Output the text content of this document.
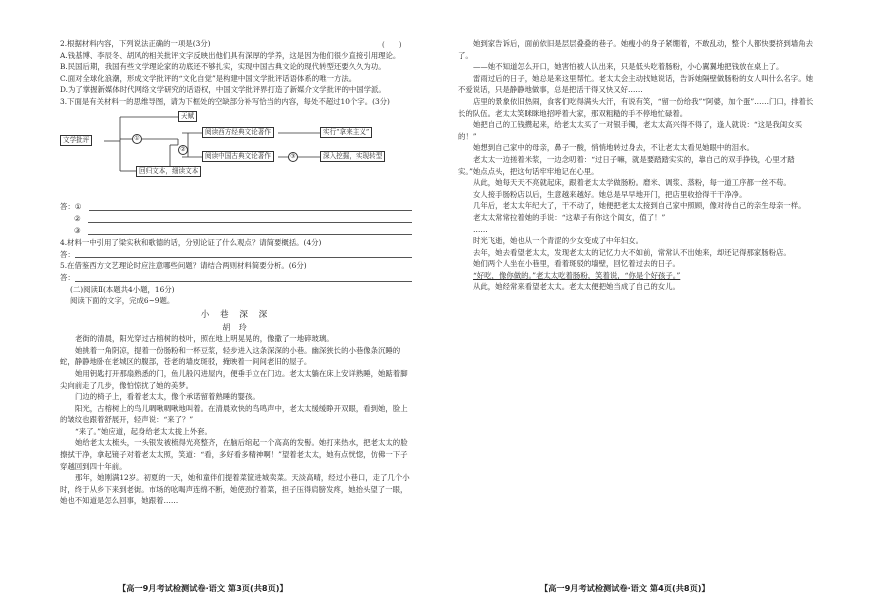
(　　)

2.根据材料内容，下列说法正确的一项是(3分)

A.钱基博、李辰冬、胡风的相关批评文字反映出他们具有深厚的学养，这是因为他们很少直接引用理论。

B.民国后期，我国有些文学理论家的功底还不够扎实，实现中国古典文论的现代转型还要久久为功。

C.面对全球化浪潮，形成文学批评的“文化自觉”是构建中国文学批评话语体系的唯一方法。

D.为了掌握新媒体时代网络文学研究的话语权，中国文学批评界打造了新媒介文学批评的中国学派。

3.下面是有关材料一的思维导图，请为下框处的空缺部分补写恰当的内容，每处不超过10个字。(3分)

文学批评
天赋
①
②
③
阅读西方经典文论著作
阅读中国古典文论著作
实行“拿来主义”
深入挖掘，实现转型
回归文本，细读文本
答： ①
②
③

4.材料一中引用了梁实秋和歌德的话，分别论证了什么观点？请简要概括。(4分)

答：

5.在借鉴西方文艺理论时应注意哪些问题？请结合两则材料简要分析。(6分)

答：

(二)阅读Ⅱ(本题共4小题，16分)

阅读下面的文字，完成6~9题。

小 巷 深 深

胡 玲

老街的清晨，阳光穿过古榕树的枝叶，照在地上明晃晃的，像撒了一地碎玻璃。

她挑着一角阴凉，提着一份肠粉和一杯豆浆，轻步进入这条深深的小巷。幽深狭长的小巷像条沉睡的蛇，静静地卧在老城区的腹部，苍老的墙皮斑驳，掩映着一间间老旧的屋子。

她用钥匙打开那扇熟悉的门，鱼儿般闪进屋内，便垂手立在门边。老太太躺在床上安详熟睡，她踮着脚尖向前走了几步，像怕惊扰了她的美梦。

门边的椅子上，看着老太太，像个承诺留着熟睡的婴孩。

阳光，古榕树上的鸟儿啁啾啁啾地叫着。在清晨欢快的鸟鸣声中，老太太缓缓睁开双眼，看到她，脸上的皱纹也跟着舒展开，轻声说：“来了？”

“来了。”她应道，起身给老太太拢上外套。

她给老太太梳头，一头银发被梳得光亮整齐，在脑后绾起一个高高的发髻。她打来热水，把老太太的脸擦拭干净，拿起镜子对着老太太照，笑道：“看，多好看多精神啊！”望着老太太，她有点恍惚，仿佛一下子穿越回到四十年前。

那年，她刚满12岁。初夏的一天，她和童伴们提着菜筐进城卖菜。天淡高晴，经过小巷口，走了几个小时，终于从乡下来到老街。市场的吆喝声连绵不断，她使劲拧着菜，担子压得肩膀发疼，她抬头望了一眼，她也不知道是怎么回事，她跟着……

她到家告诉后，面前依旧是层层叠叠的巷子。她瘦小的身子紧绷着，不敢乱动，整个人都快要挤到墙角去了。

——她不知道怎么开口，她害怕被人认出来，只是低头吃着肠粉，小心翼翼地把钱放在桌上了。

雷雨过后的日子，她总是来这里帮忙。老太太会主动找她说话，告诉她隔壁做肠粉的女人叫什么名字。她不爱说话，只是静静地做事，总是把活干得又快又好……

店里的景象依旧热闹，食客们吃得满头大汗，有说有笑，“留一份给我”“阿婆，加个蛋”……门口，排着长长的队伍。老太太笑眯眯地招呼着大家，那双粗糙的手不停地忙碌着。

她把自己的工钱攒起来，给老太太买了一对银手镯，老太太高兴得不得了，逢人就说：“这是我闺女买的！”

她想到自己家中的母亲，鼻子一酸，悄悄地转过身去，不让老太太看见她眼中的泪水。

老太太一边搓着米浆，一边念叨着：“过日子嘛，就是要踏踏实实的，靠自己的双手挣钱，心里才踏实。”她点点头，把这句话牢牢地记在心里。

从此，她每天天不亮就起床，跟着老太太学做肠粉。磨米、调浆、蒸粉，每一道工序都一丝不苟。

女人接手肠粉店以后，生意越来越好。她总是早早地开门，把店里收拾得干干净净。

几年后，老太太年纪大了，干不动了，她便把老太太接到自己家中照顾，像对待自己的亲生母亲一样。

老太太常常拉着她的手说：“这辈子有你这个闺女，值了！”

……

时光飞逝，她也从一个青涩的少女变成了中年妇女。

去年，她去看望老太太，发现老太太的记忆力大不如前，常常认不出她来，却还记得那家肠粉店。

她们两个人坐在小巷里，看着斑驳的墙壁，回忆着过去的日子。

“好吃，像你做的。”老太太吃着肠粉，笑着说，“你是个好孩子。”

从此，她经常来看望老太太。老太太便把她当成了自己的女儿。

【高一9月考试检测试卷·语文 第3页(共8页)】	【高一9月考试检测试卷·语文 第4页(共8页)】
